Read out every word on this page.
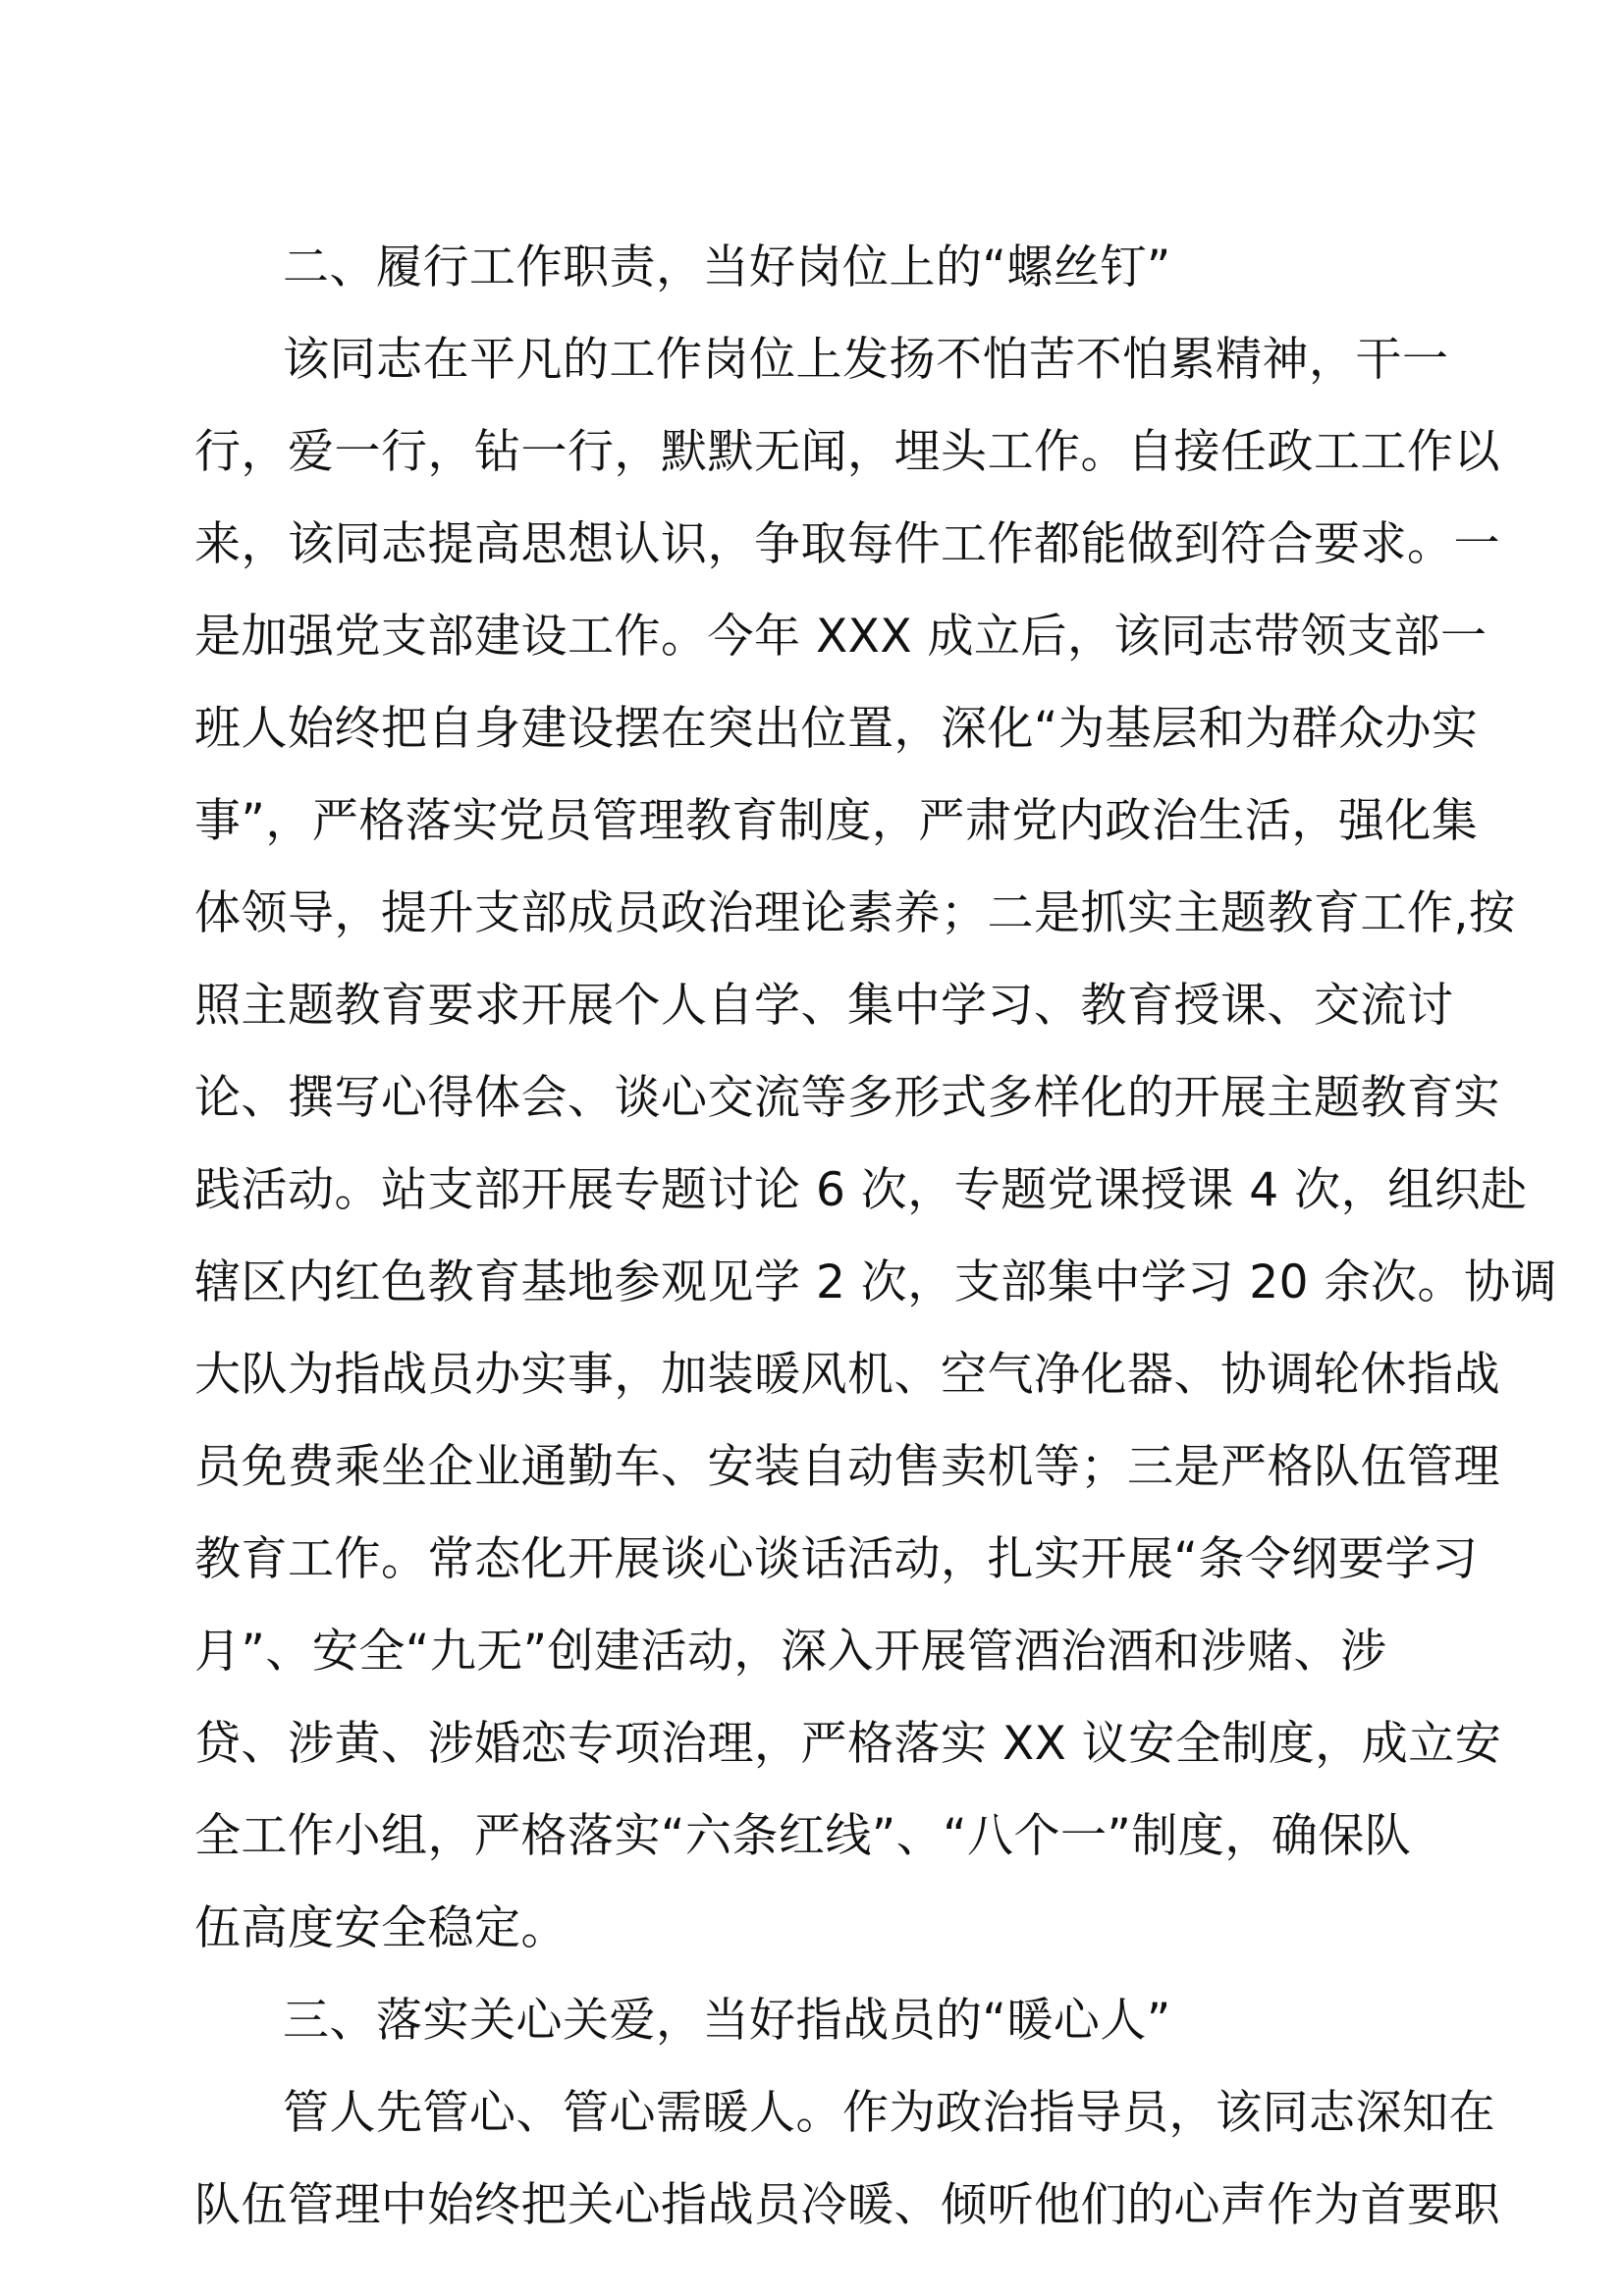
二、履行工作职责，当好岗位上的“螺丝钉”
该同志在平凡的工作岗位上发扬不怕苦不怕累精神，干一
行，爱一行，钻一行，默默无闻，埋头工作。自接任政工工作以
来，该同志提高思想认识，争取每件工作都能做到符合要求。一
是加强党支部建设工作。今年 XXX 成立后，该同志带领支部一
班人始终把自身建设摆在突出位置，深化“为基层和为群众办实
事”，严格落实党员管理教育制度，严肃党内政治生活，强化集
体领导，提升支部成员政治理论素养；二是抓实主题教育工作,按
照主题教育要求开展个人自学、集中学习、教育授课、交流讨
论、撰写心得体会、谈心交流等多形式多样化的开展主题教育实
践活动。站支部开展专题讨论 6 次，专题党课授课 4 次，组织赴
辖区内红色教育基地参观见学 2 次，支部集中学习 20 余次。协调
大队为指战员办实事，加装暖风机、空气净化器、协调轮休指战
员免费乘坐企业通勤车、安装自动售卖机等；三是严格队伍管理
教育工作。常态化开展谈心谈话活动，扎实开展“条令纲要学习
月”、安全“九无”创建活动，深入开展管酒治酒和涉赌、涉
贷、涉黄、涉婚恋专项治理，严格落实 XX 议安全制度，成立安
全工作小组，严格落实“六条红线”、“八个一”制度，确保队
伍高度安全稳定。
三、落实关心关爱，当好指战员的“暖心人”
管人先管心、管心需暖人。作为政治指导员，该同志深知在
队伍管理中始终把关心指战员冷暖、倾听他们的心声作为首要职
